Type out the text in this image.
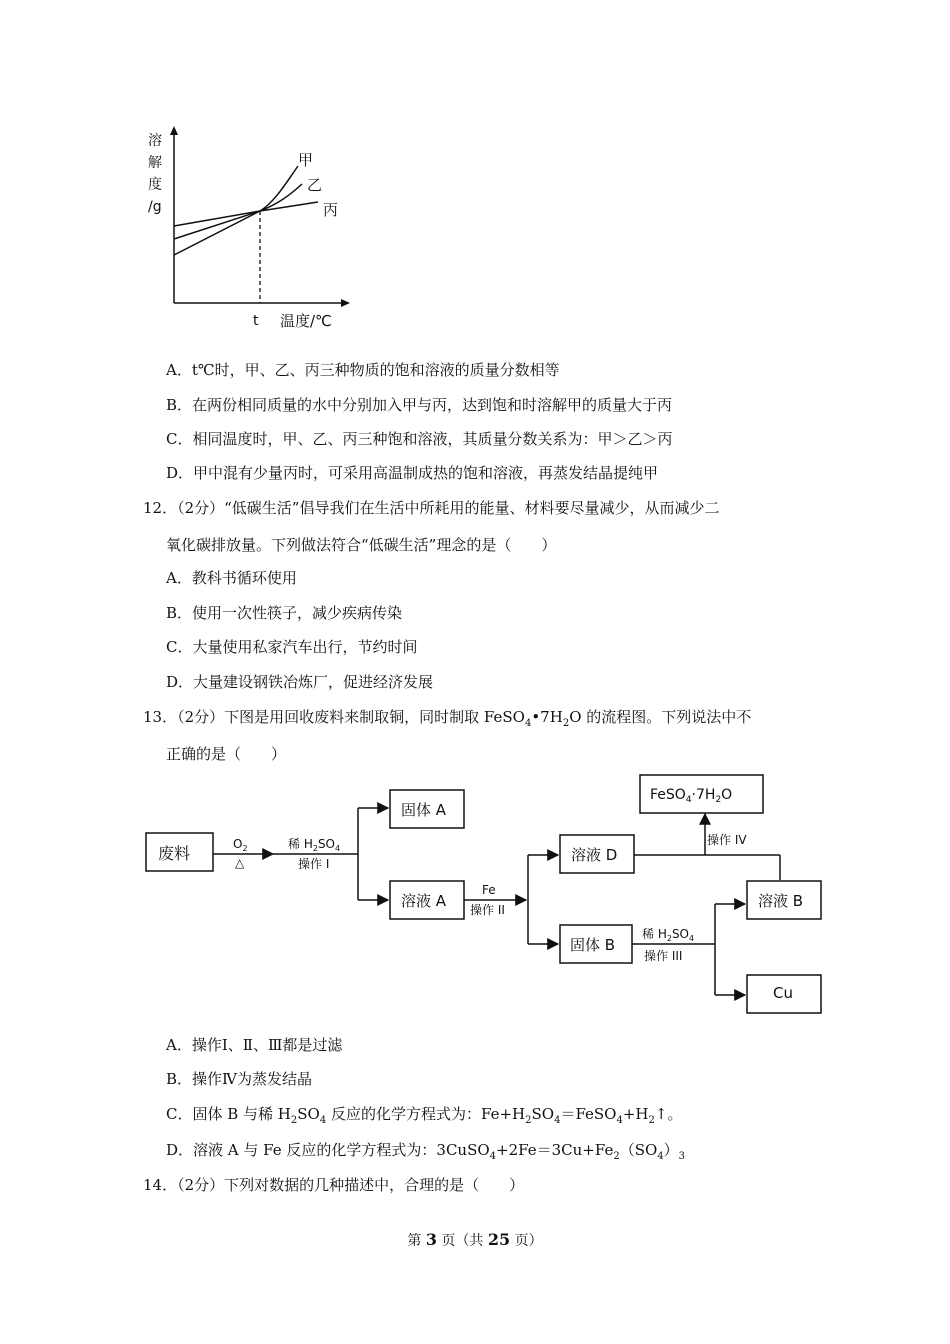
溶
解
度
/g
甲
乙
丙
t 温度/℃
A．t℃时，甲、乙、丙三种物质的饱和溶液的质量分数相等
B．在两份相同质量的水中分别加入甲与丙，达到饱和时溶解甲的质量大于丙
C．相同温度时，甲、乙、丙三种饱和溶液，其质量分数关系为：甲＞乙＞丙
D．甲中混有少量丙时，可采用高温制成热的饱和溶液，再蒸发结晶提纯甲
12．（2分）“低碳生活”倡导我们在生活中所耗用的能量、材料要尽量减少，从而减少二
氧化碳排放量。下列做法符合“低碳生活”理念的是（　　）
A．教科书循环使用
B．使用一次性筷子，减少疾病传染
C．大量使用私家汽车出行，节约时间
D．大量建设钢铁冶炼厂，促进经济发展
13．（2分）下图是用回收废料来制取铜，同时制取 $FeSO_4•7H_2O$ 的流程图。下列说法中不
正确的是（　　）
废料	$O_2$
△
稀 $H_2SO_4$
操作 I
固体 A
溶液 A
Fe
操作 II
溶液 D
操作 IV
$FeSO_4\cdot 7H_2O$
固体 B
稀 $H_2SO_4$
操作 III
溶液 B
Cu
A．操作Ⅰ、Ⅱ、Ⅲ都是过滤
B．操作Ⅳ为蒸发结晶
C．固体 B 与稀 $H_2SO_4$ 反应的化学方程式为：$Fe+H_2SO_4=FeSO_4+H_2↑$。
D．溶液 A 与 Fe 反应的化学方程式为：$3CuSO_4+2Fe=3Cu+Fe_2(SO_4)_3$
14．（2分）下列对数据的几种描述中，合理的是（　　）
第 3 页（共 25 页）
